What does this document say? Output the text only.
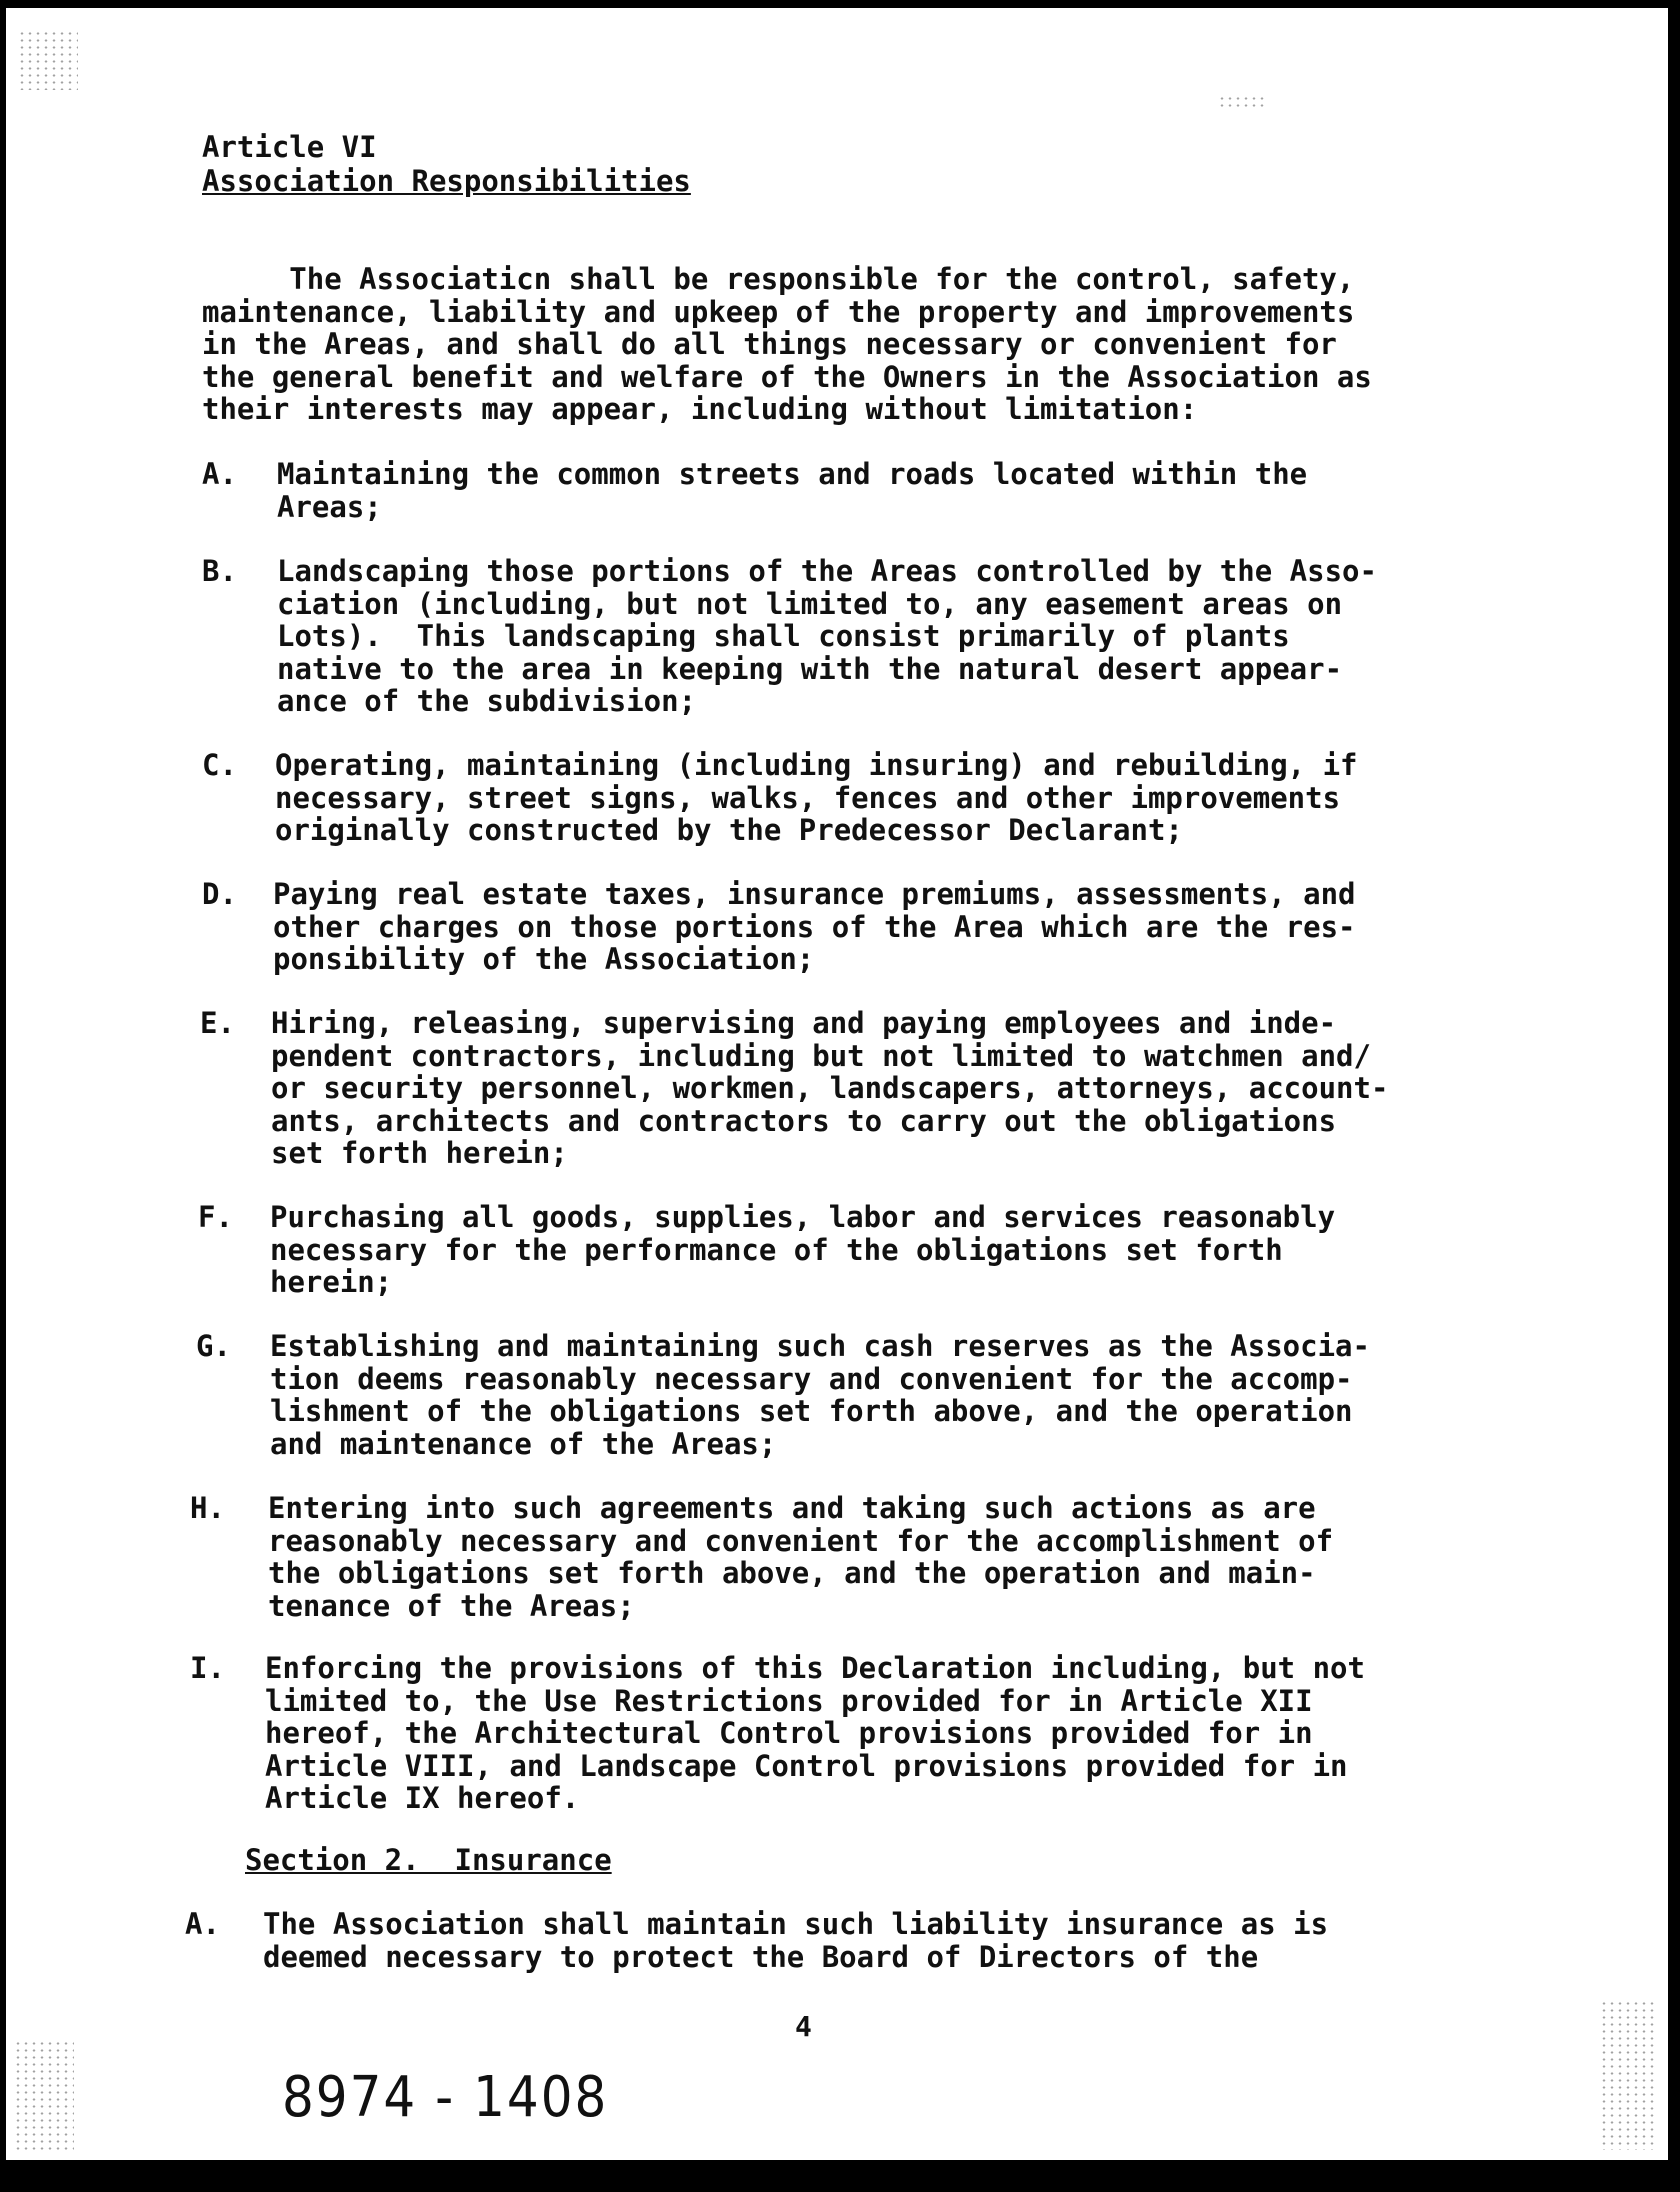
Article VI
Association Responsibilities
The Associaticn shall be responsible for the control, safety,
maintenance, liability and upkeep of the property and improvements
in the Areas, and shall do all things necessary or convenient for
the general benefit and welfare of the Owners in the Association as
their interests may appear, including without limitation:
A. Maintaining the common streets and roads located within the
Areas;
B. Landscaping those portions of the Areas controlled by the Asso-
ciation (including, but not limited to, any easement areas on
Lots).  This landscaping shall consist primarily of plants
native to the area in keeping with the natural desert appear-
ance of the subdivision;
C. Operating, maintaining (including insuring) and rebuilding, if
necessary, street signs, walks, fences and other improvements
originally constructed by the Predecessor Declarant;
D. Paying real estate taxes, insurance premiums, assessments, and
other charges on those portions of the Area which are the res-
ponsibility of the Association;
E. Hiring, releasing, supervising and paying employees and inde-
pendent contractors, including but not limited to watchmen and/
or security personnel, workmen, landscapers, attorneys, account-
ants, architects and contractors to carry out the obligations
set forth herein;
F. Purchasing all goods, supplies, labor and services reasonably
necessary for the performance of the obligations set forth
herein;
G. Establishing and maintaining such cash reserves as the Associa-
tion deems reasonably necessary and convenient for the accomp-
lishment of the obligations set forth above, and the operation
and maintenance of the Areas;
H. Entering into such agreements and taking such actions as are
reasonably necessary and convenient for the accomplishment of
the obligations set forth above, and the operation and main-
tenance of the Areas;
I. Enforcing the provisions of this Declaration including, but not
limited to, the Use Restrictions provided for in Article XII
hereof, the Architectural Control provisions provided for in
Article VIII, and Landscape Control provisions provided for in
Article IX hereof.
Section 2.  Insurance
A. The Association shall maintain such liability insurance as is
deemed necessary to protect the Board of Directors of the
4
8974 - 1408
